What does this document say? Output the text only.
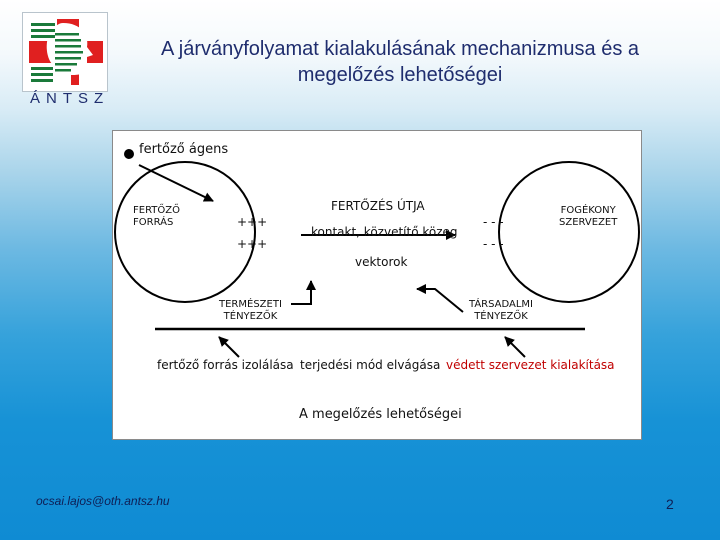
A járványfolyamat kialakulásának mechanizmusa és a
megelőzés lehetőségei
ÁNTSZ
fertőző ágens
FERTŐZŐ
FORRÁS	+++
+++
FERTŐZÉS ÚTJA
kontakt, közvetítő közeg
vektorok
- - -
- - -
FOGÉKONY
SZERVEZET
TERMÉSZETI
TÉNYEZŐK
TÁRSADALMI
TÉNYEZŐK
fertőző forrás izolálása terjedési mód elvágása védett szervezet kialakítása
A megelőzés lehetőségei
ocsai.lajos@oth.antsz.hu	2
